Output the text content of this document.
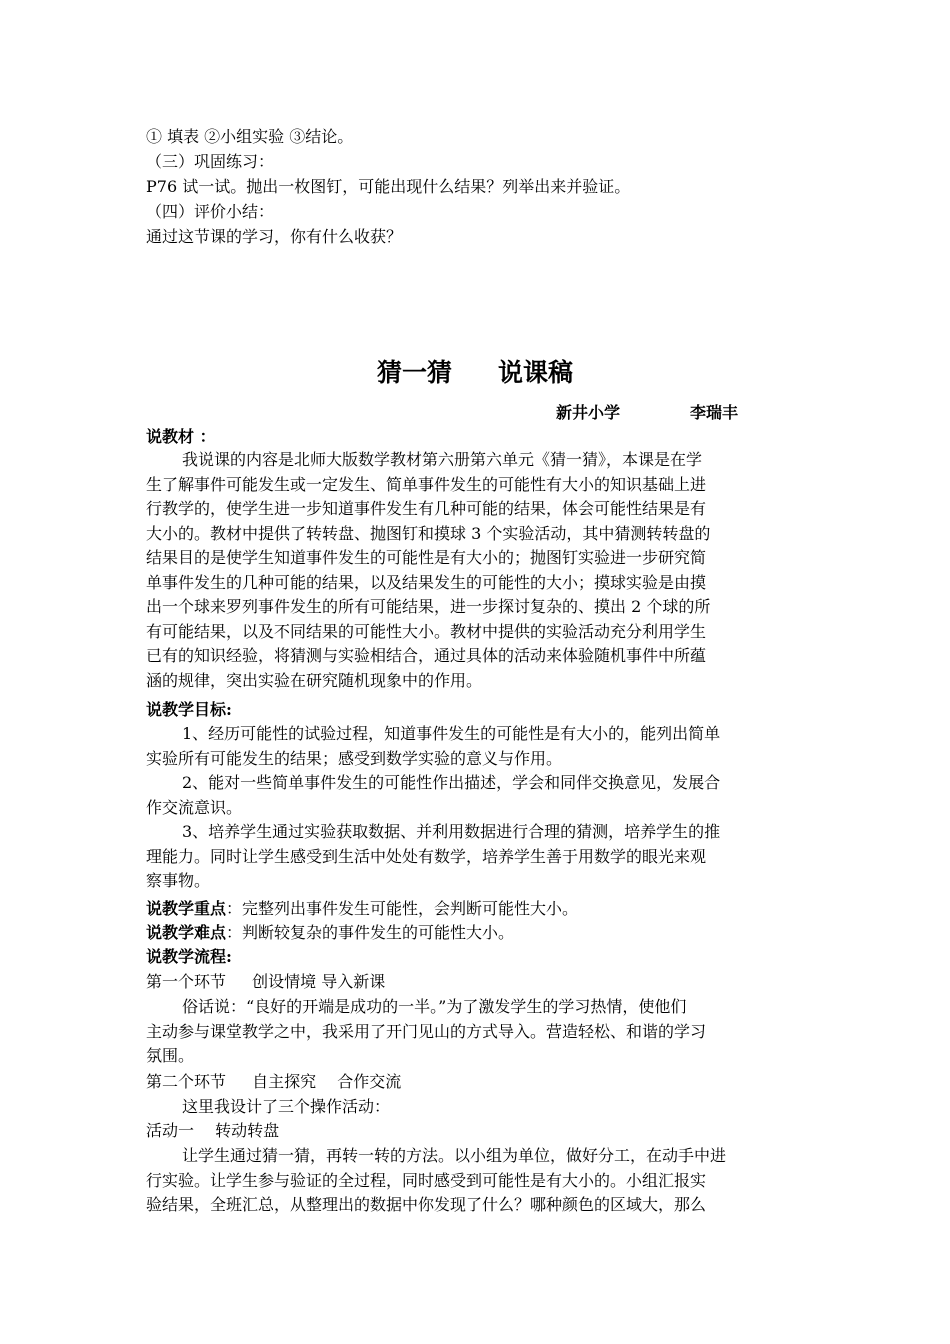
① 填表 ②小组实验 ③结论。
（三）巩固练习：
P76 试一试。抛出一枚图钉，可能出现什么结果？列举出来并验证。
（四）评价小结：
通过这节课的学习，你有什么收获？
猜一猜 说课稿
新井小学	李瑞丰
说教材 ：
我说课的内容是北师大版数学教材第六册第六单元《猜一猜》，本课是在学
生了解事件可能发生或一定发生、简单事件发生的可能性有大小的知识基础上进
行教学的，使学生进一步知道事件发生有几种可能的结果，体会可能性结果是有
大小的。教材中提供了转转盘、抛图钉和摸球 3 个实验活动，其中猜测转转盘的
结果目的是使学生知道事件发生的可能性是有大小的；抛图钉实验进一步研究简
单事件发生的几种可能的结果，以及结果发生的可能性的大小；摸球实验是由摸
出一个球来罗列事件发生的所有可能结果，进一步探讨复杂的、摸出 2 个球的所
有可能结果，以及不同结果的可能性大小。教材中提供的实验活动充分利用学生
已有的知识经验，将猜测与实验相结合，通过具体的活动来体验随机事件中所蕴
涵的规律，突出实验在研究随机现象中的作用。
说教学目标:
1、经历可能性的试验过程，知道事件发生的可能性是有大小的，能列出简单
实验所有可能发生的结果；感受到数学实验的意义与作用。
2、能对一些简单事件发生的可能性作出描述，学会和同伴交换意见，发展合
作交流意识。
3、培养学生通过实验获取数据、并利用数据进行合理的猜测，培养学生的推
理能力。同时让学生感受到生活中处处有数学，培养学生善于用数学的眼光来观
察事物。
说教学重点：完整列出事件发生可能性，会判断可能性大小。
说教学难点：判断较复杂的事件发生的可能性大小。
说教学流程:
第一个环节 　 创设情境 导入新课
俗话说：“良好的开端是成功的一半。”为了激发学生的学习热情，使他们
主动参与课堂教学之中，我采用了开门见山的方式导入。营造轻松、和谐的学习
氛围。
第二个环节 　 自主探究 　合作交流
这里我设计了三个操作活动：
活动一 　转动转盘
让学生通过猜一猜，再转一转的方法。以小组为单位，做好分工，在动手中进
行实验。让学生参与验证的全过程，同时感受到可能性是有大小的。小组汇报实
验结果，全班汇总，从整理出的数据中你发现了什么？哪种颜色的区域大，那么
